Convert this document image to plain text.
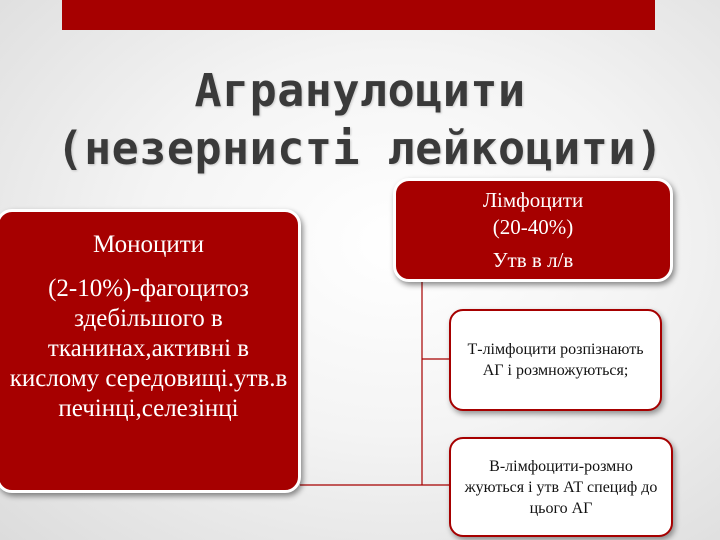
Агранулоцити
(незернисті лейкоцити)
Моноцити
(2-10%)-фагоцитоз здебільшого в тканинах,активні в кислому середовищі.утв.в печінці,селезінці
Лімфоцити
(20-40%)
Утв в л/в
Т-лімфоцити розпізнають АГ і розмножуються;
В-лімфоцити-розмно жуються і утв АТ специф до цього АГ
